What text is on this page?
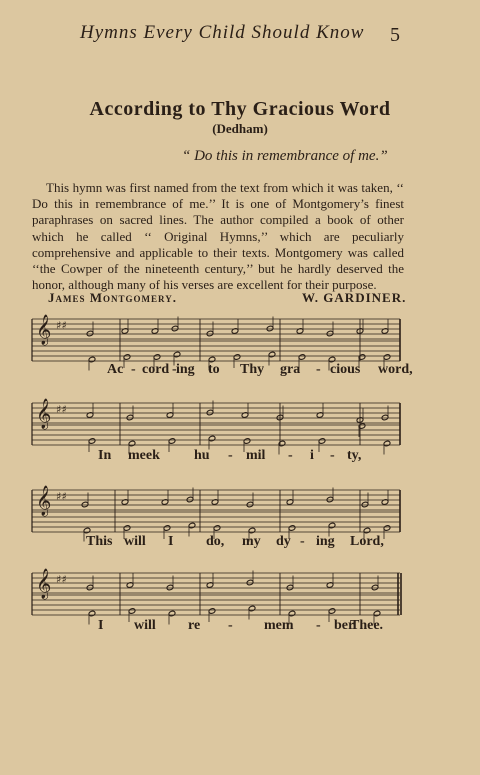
Hymns Every Child Should Know 5
According to Thy Gracious Word
(Dedham)
“ Do this in remembrance of me.”

This hymn was first named from the text from which it was taken, ‘‘ Do this in remembrance of me.’’ It is one of Montgomery’s finest paraphrases on sacred lines. The author compiled a book of other which he called ‘‘ Original Hymns,’’ which are peculiarly comprehensive and applicable to their texts. Montgomery was called ‘‘the Cowper of the nineteenth century,’’ but he hardly deserved the honor, although many of his verses are excellent for their purpose.

James Montgomery.	W. GARDINER.
𝄞 ♯♯
Ac - cord - ing to Thy gra - cious word,
𝄞 ♯♯
In meek hu - mil - i - ty,
𝄞 ♯♯
This will I do, my dy - ing Lord,
𝄞 ♯♯
I will re - mem - ber
Thee.
